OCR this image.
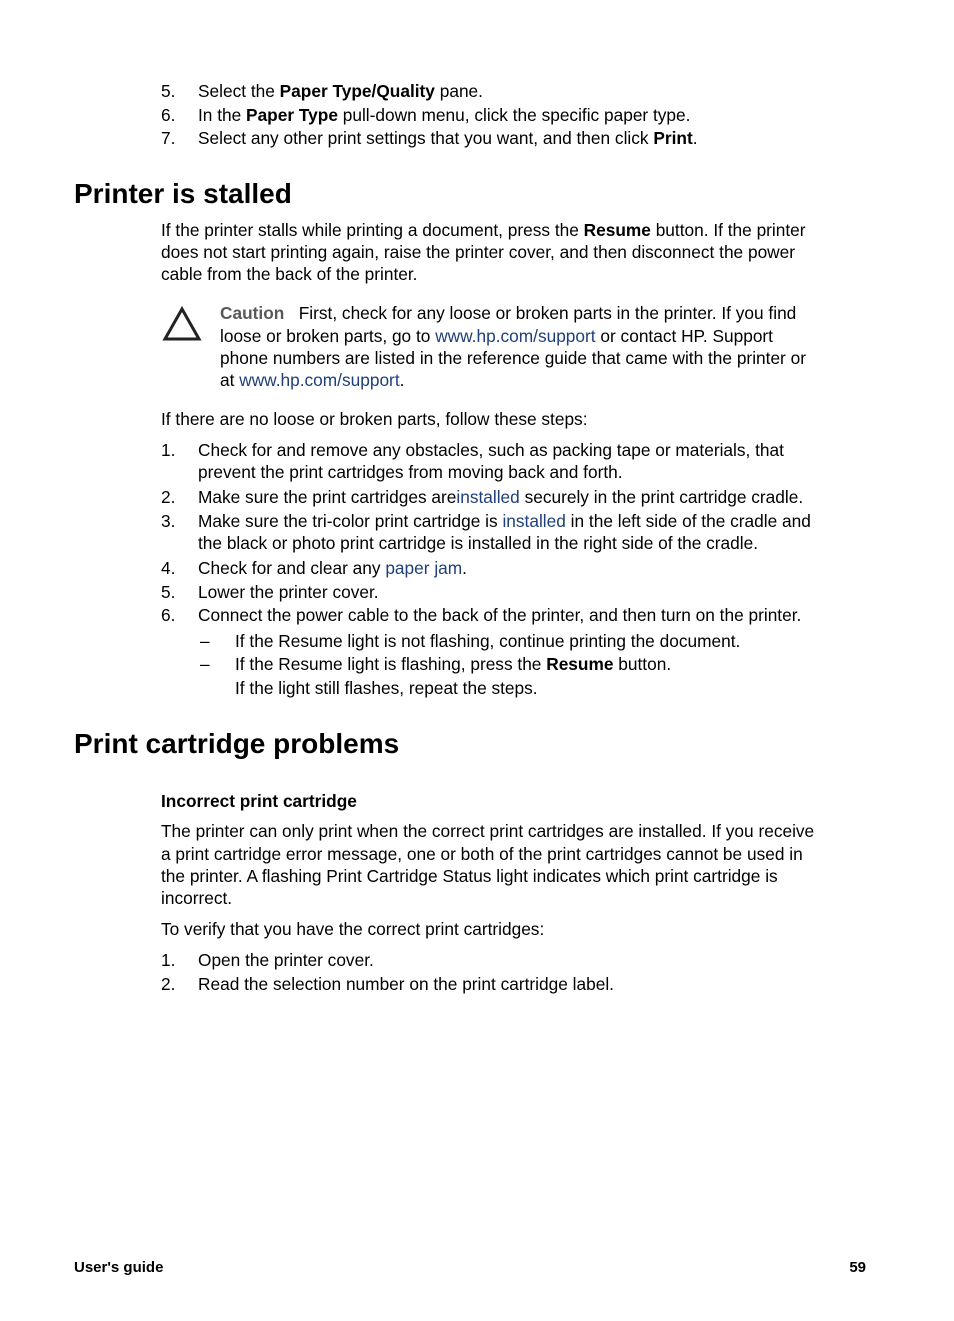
5. Select the Paper Type/Quality pane.
6. In the Paper Type pull-down menu, click the specific paper type.
7. Select any other print settings that you want, and then click Print.
Printer is stalled
If the printer stalls while printing a document, press the Resume button. If the printer
does not start printing again, raise the printer cover, and then disconnect the power
cable from the back of the printer.
Caution First, check for any loose or broken parts in the printer. If you find
loose or broken parts, go to www.hp.com/support or contact HP. Support
phone numbers are listed in the reference guide that came with the printer or
at www.hp.com/support.
If there are no loose or broken parts, follow these steps:
1. Check for and remove any obstacles, such as packing tape or materials, that
prevent the print cartridges from moving back and forth.
2. Make sure the print cartridges areinstalled securely in the print cartridge cradle.
3. Make sure the tri-color print cartridge is installed in the left side of the cradle and
the black or photo print cartridge is installed in the right side of the cradle.
4. Check for and clear any paper jam.
5. Lower the printer cover.
6. Connect the power cable to the back of the printer, and then turn on the printer.
– If the Resume light is not flashing, continue printing the document.
– If the Resume light is flashing, press the Resume button.
If the light still flashes, repeat the steps.
Print cartridge problems
Incorrect print cartridge
The printer can only print when the correct print cartridges are installed. If you receive
a print cartridge error message, one or both of the print cartridges cannot be used in
the printer. A flashing Print Cartridge Status light indicates which print cartridge is
incorrect.
To verify that you have the correct print cartridges:
1. Open the printer cover.
2. Read the selection number on the print cartridge label.
User's guide	59
